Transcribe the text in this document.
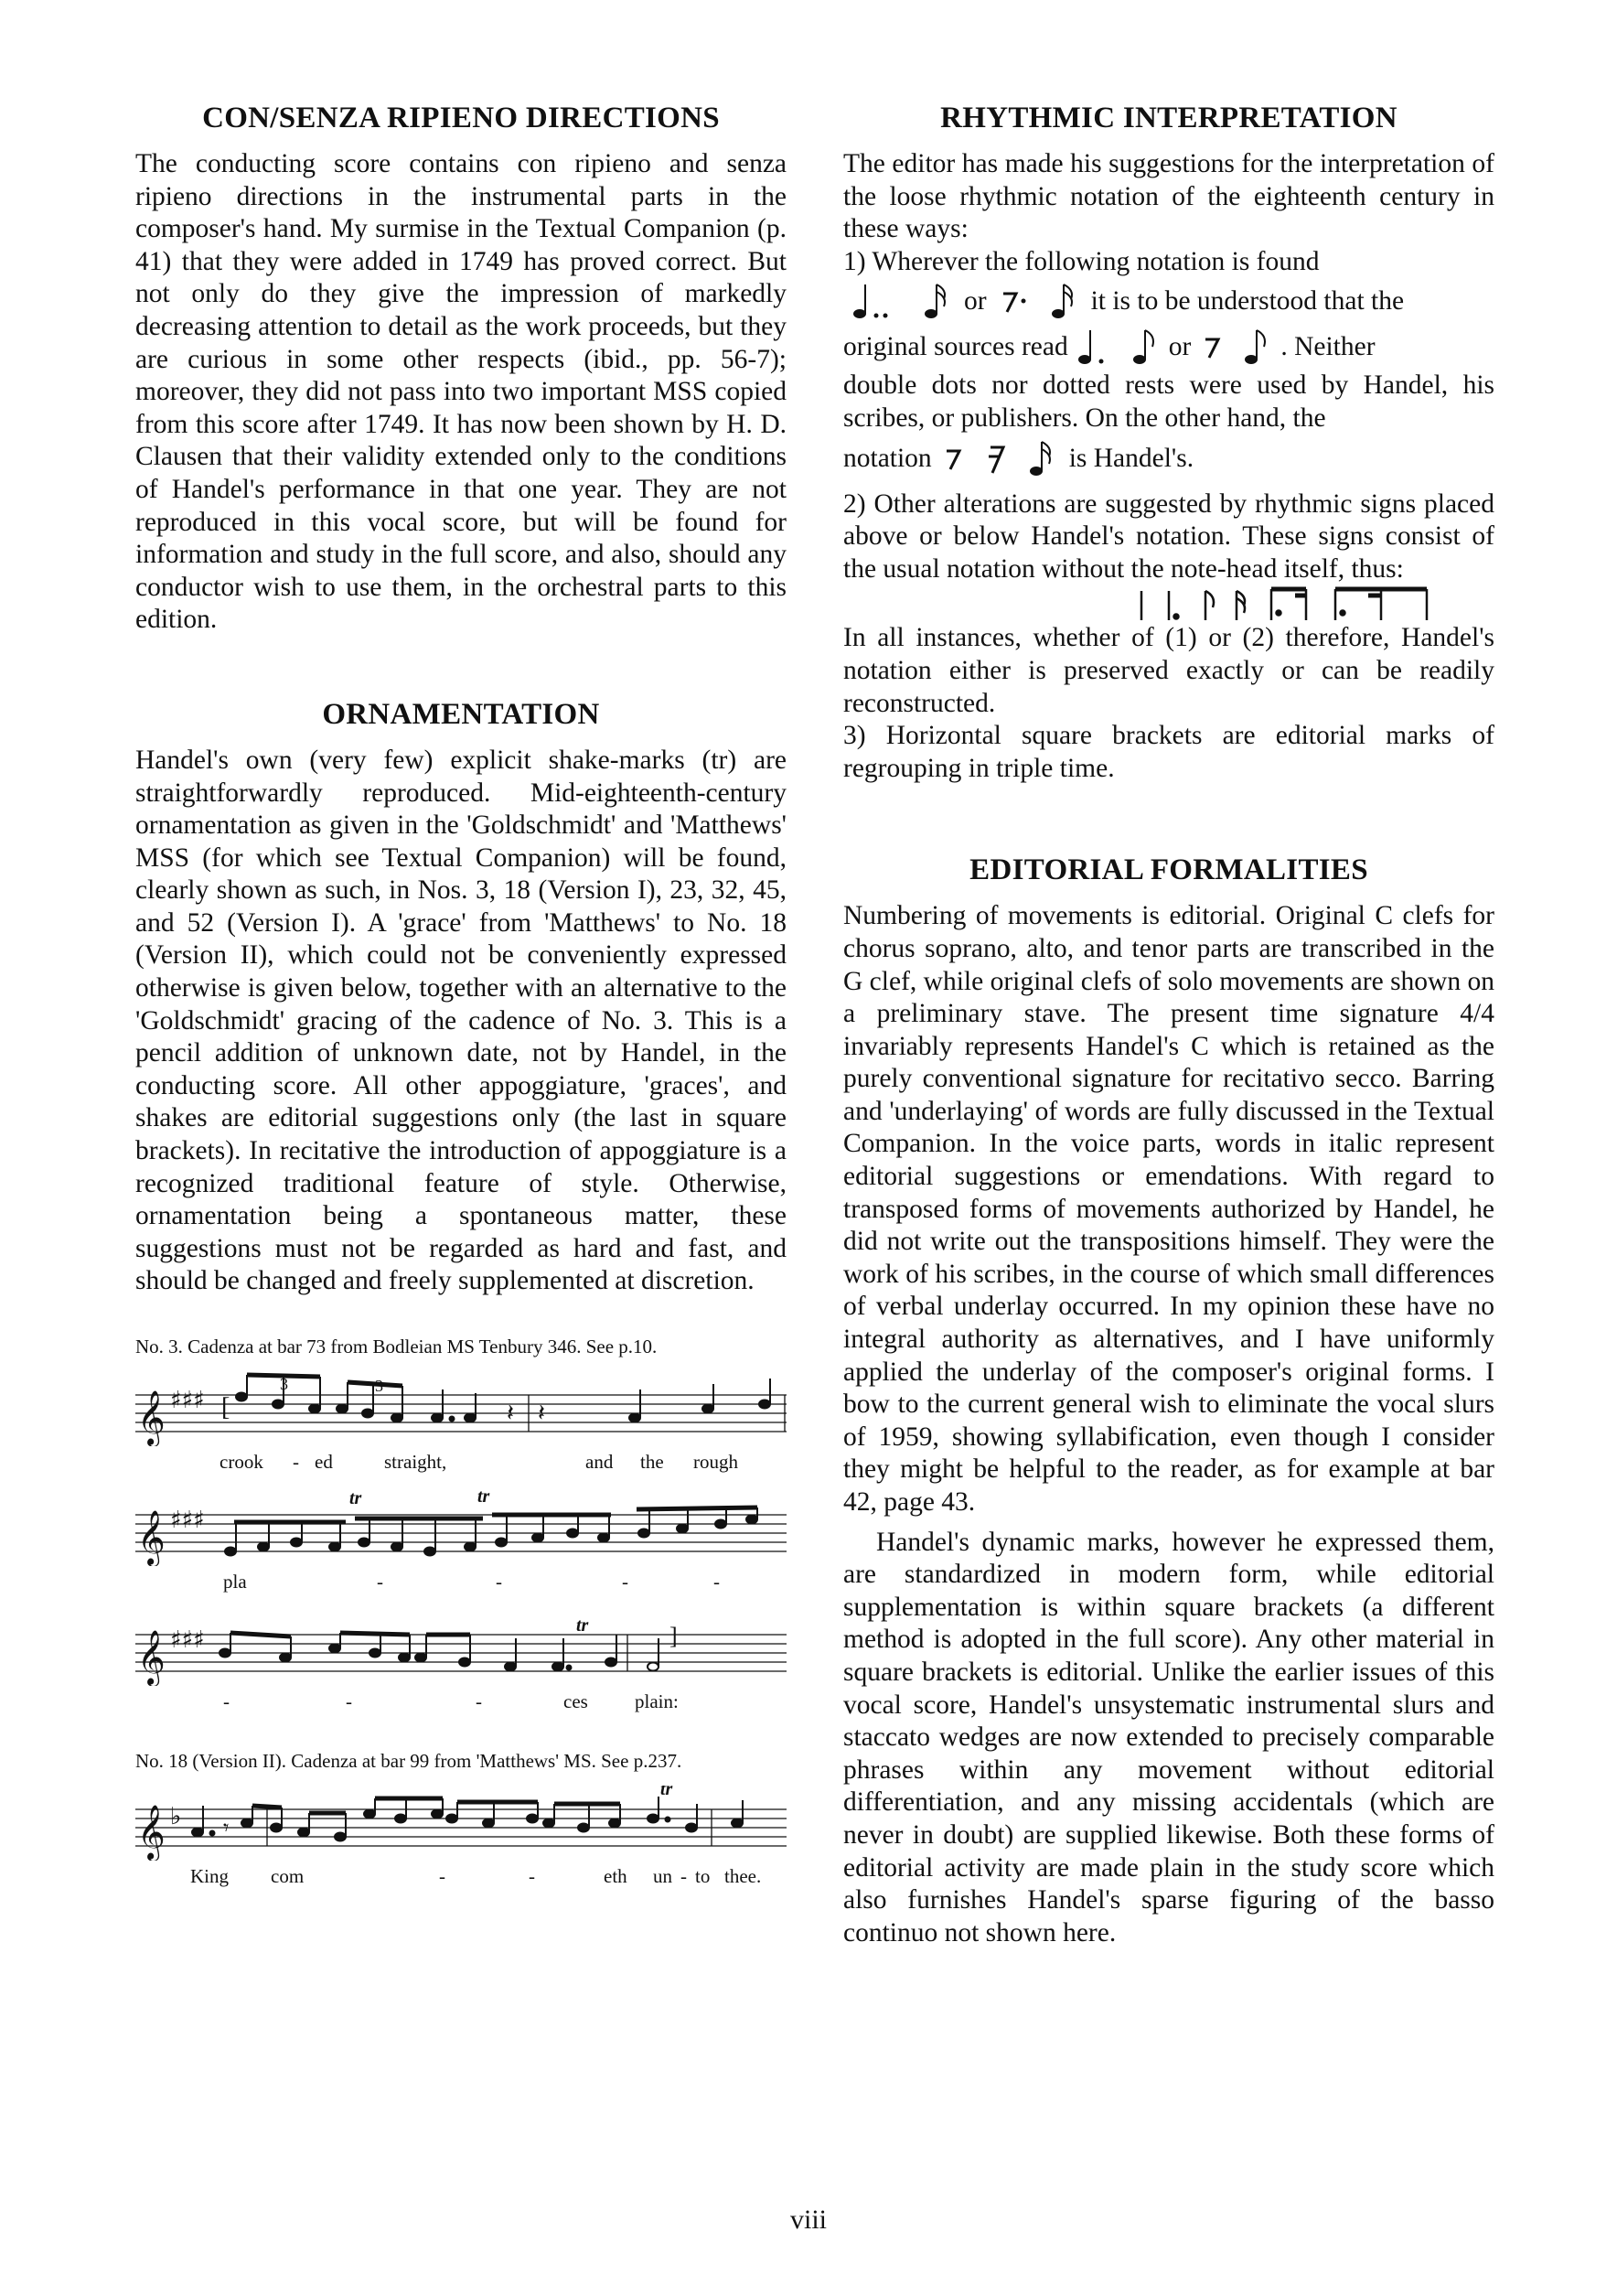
CON/SENZA RIPIENO DIRECTIONS

The conducting score contains con ripieno and senza ripieno directions in the instrumental parts in the composer's hand. My surmise in the Textual Companion (p. 41) that they were added in 1749 has proved correct. But not only do they give the impression of markedly decreasing attention to detail as the work proceeds, but they are curious in some other respects (ibid., pp. 56-7); moreover, they did not pass into two important MSS copied from this score after 1749. It has now been shown by H. D. Clausen that their validity extended only to the conditions of Handel's performance in that one year. They are not reproduced in this vocal score, but will be found for information and study in the full score, and also, should any conductor wish to use them, in the orchestral parts to this edition.

ORNAMENTATION

Handel's own (very few) explicit shake-marks (tr) are straightforwardly reproduced. Mid-eighteenth-century ornamentation as given in the 'Goldschmidt' and 'Matthews' MSS (for which see Textual Companion) will be found, clearly shown as such, in Nos. 3, 18 (Version I), 23, 32, 45, and 52 (Version I). A 'grace' from 'Matthews' to No. 18 (Version II), which could not be conveniently expressed otherwise is given below, together with an alternative to the 'Goldschmidt' gracing of the cadence of No. 3. This is a pencil addition of unknown date, not by Handel, in the conducting score. All other appoggiature, 'graces', and shakes are editorial suggestions only (the last in square brackets). In recitative the introduction of appoggiature is a recognized traditional feature of style. Otherwise, ornamentation being a spontaneous matter, these suggestions must not be regarded as hard and fast, and should be changed and freely supplemented at discretion.

No. 3. Cadenza at bar 73 from Bodleian MS Tenbury 346. See p.10.
𝄞 ♯♯♯ [
3	3
𝄽 𝄽
crook - ed	straight,	and the rough
𝄞 ♯♯♯
tr	tr
pla	-	-	-	-
𝄞 ♯♯♯	]
tr
-	-	-	ces plain:
No. 18 (Version II). Cadenza at bar 99 from 'Matthews' MS. See p.237.
𝄞 ♭ 𝄾
tr
King com	-	-	eth un - to thee.
RHYTHMIC INTERPRETATION

The editor has made his suggestions for the interpretation of the loose rhythmic notation of the eighteenth century in these ways:

1) Wherever the following notation is found

or	it is to be understood that the
original sources read	or	. Neither

double dots nor dotted rests were used by Handel, his scribes, or publishers. On the other hand, the

notation	is Handel's.

2) Other alterations are suggested by rhythmic signs placed above or below Handel's notation. These signs consist of the usual notation without the note-head itself, thus:

In all instances, whether of (1) or (2) therefore, Handel's notation either is preserved exactly or can be readily reconstructed.

3) Horizontal square brackets are editorial marks of regrouping in triple time.

EDITORIAL FORMALITIES

Numbering of movements is editorial. Original C clefs for chorus soprano, alto, and tenor parts are transcribed in the G clef, while original clefs of solo movements are shown on a preliminary stave. The present time signature 4/4 invariably represents Handel's C which is retained as the purely conventional signature for recitativo secco. Barring and 'underlaying' of words are fully discussed in the Textual Companion. In the voice parts, words in italic represent editorial suggestions or emendations. With regard to transposed forms of movements authorized by Handel, he did not write out the transpositions himself. They were the work of his scribes, in the course of which small differences of verbal underlay occurred. In my opinion these have no integral authority as alternatives, and I have uniformly applied the underlay of the composer's original forms. I bow to the current general wish to eliminate the vocal slurs of 1959, showing syllabification, even though I consider they might be helpful to the reader, as for example at bar 42, page 43.

Handel's dynamic marks, however he expressed them, are standardized in modern form, while editorial supplementation is within square brackets (a different method is adopted in the full score). Any other material in square brackets is editorial. Unlike the earlier issues of this vocal score, Handel's unsystematic instrumental slurs and staccato wedges are now extended to precisely comparable phrases within any movement without editorial differentiation, and any missing accidentals (which are never in doubt) are supplied likewise. Both these forms of editorial activity are made plain in the study score which also furnishes Handel's sparse figuring of the basso continuo not shown here.

viii
